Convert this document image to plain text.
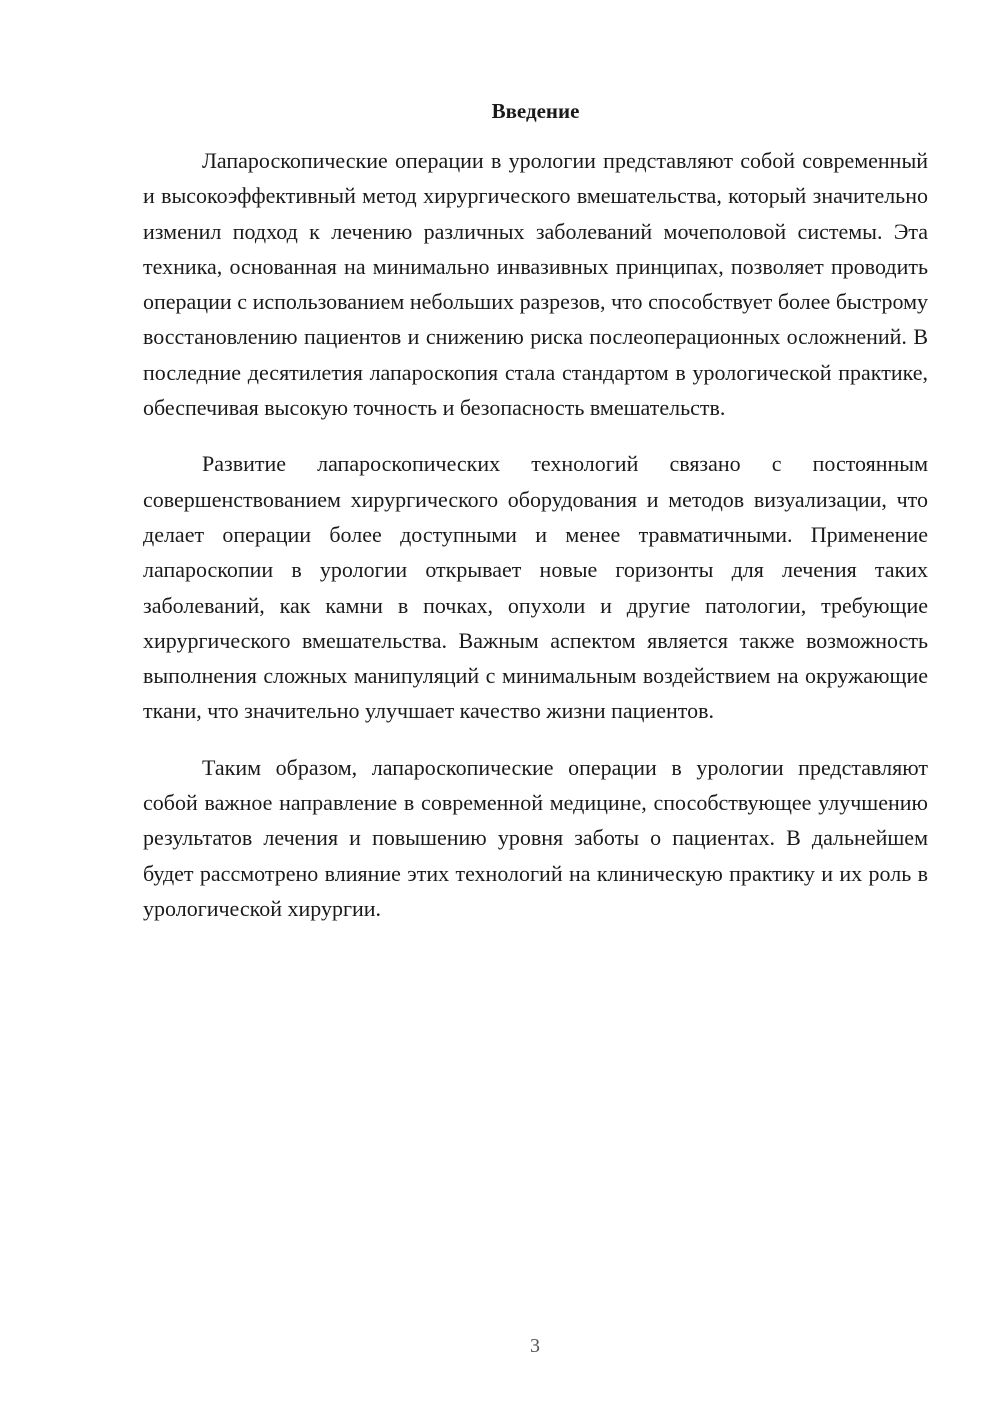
Введение

Лапароскопические операции в урологии представляют собой современный и высокоэффективный метод хирургического вмешательства, который значительно изменил подход к лечению различных заболеваний мочеполовой системы. Эта техника, основанная на минимально инвазивных принципах, позволяет проводить операции с использованием небольших разрезов, что способствует более быстрому восстановлению пациентов и снижению риска послеоперационных осложнений. В последние десятилетия лапароскопия стала стандартом в урологической практике, обеспечивая высокую точность и безопасность вмешательств.

Развитие лапароскопических технологий связано с постоянным совершенствованием хирургического оборудования и методов визуализации, что делает операции более доступными и менее травматичными. Применение лапароскопии в урологии открывает новые горизонты для лечения таких заболеваний, как камни в почках, опухоли и другие патологии, требующие хирургического вмешательства. Важным аспектом является также возможность выполнения сложных манипуляций с минимальным воздействием на окружающие ткани, что значительно улучшает качество жизни пациентов.

Таким образом, лапароскопические операции в урологии представляют собой важное направление в современной медицине, способствующее улучшению результатов лечения и повышению уровня заботы о пациентах. В дальнейшем будет рассмотрено влияние этих технологий на клиническую практику и их роль в урологической хирургии.

3
